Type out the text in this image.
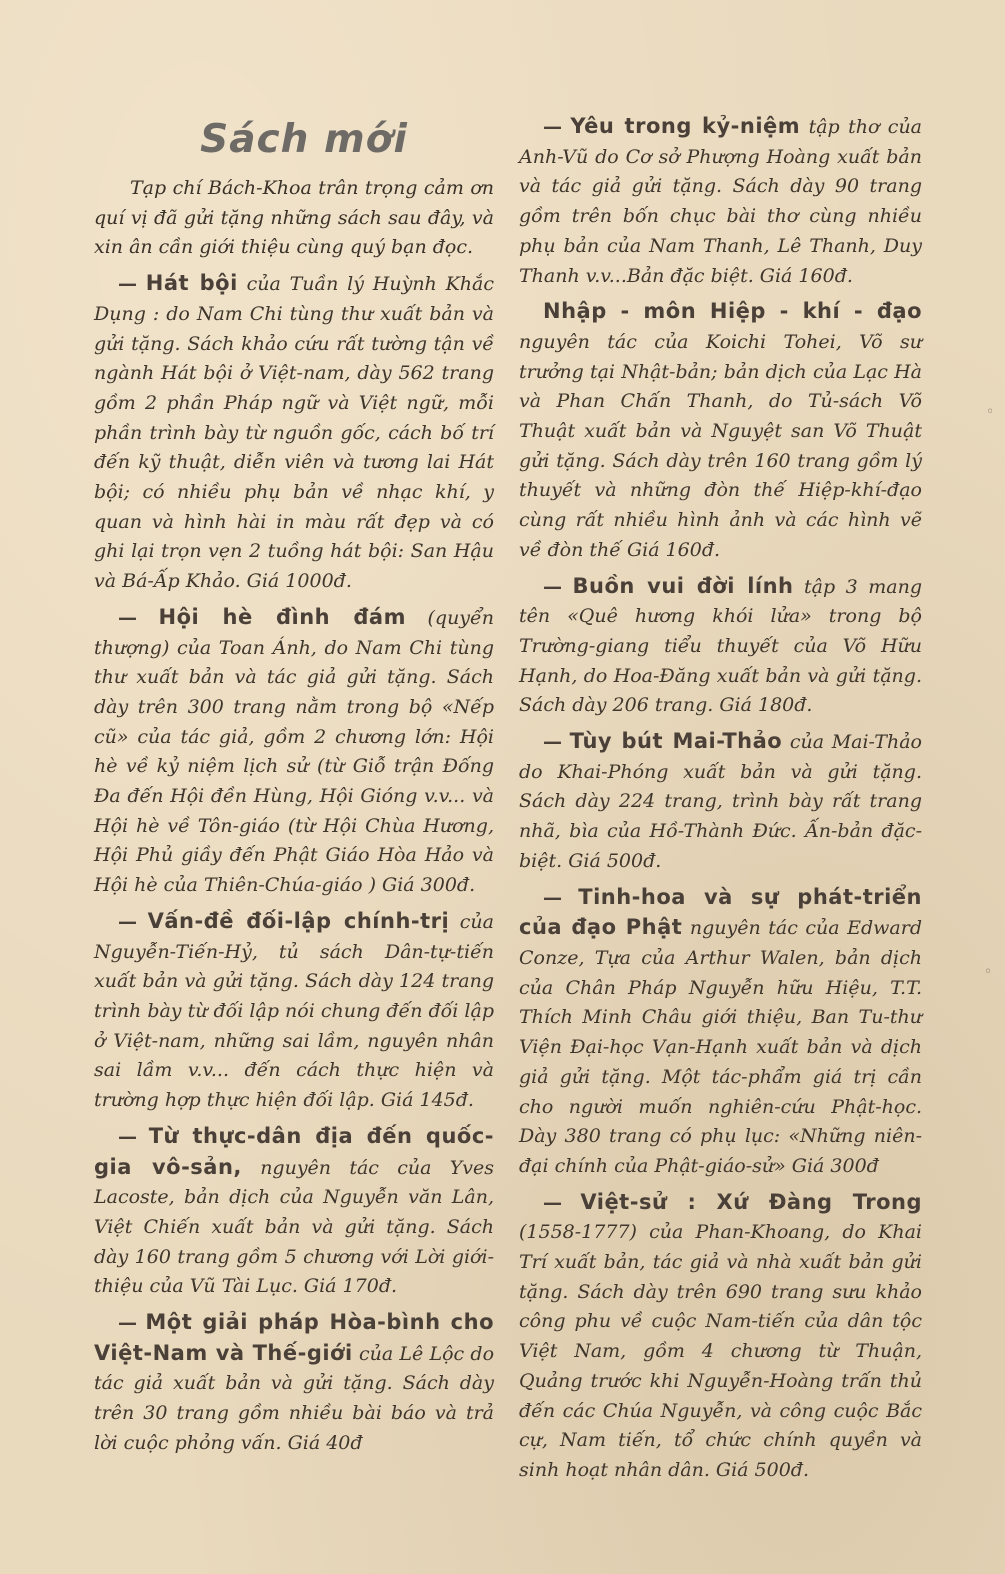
Sách mới
Tạp chí Bách-Khoa trân trọng cảm ơn quí vị đã gửi tặng những sách sau đây, và xin ân cần giới thiệu cùng quý bạn đọc.

— Hát bội của Tuần lý Huỳnh Khắc Dụng : do Nam Chi tùng thư xuất bản và gửi tặng. Sách khảo cứu rất tường tận về ngành Hát bội ở Việt-nam, dày 562 trang gồm 2 phần Pháp ngữ và Việt ngữ, mỗi phần trình bày từ nguồn gốc, cách bố trí đến kỹ thuật, diễn viên và tương lai Hát bội; có nhiều phụ bản về nhạc khí, y quan và hình hài in màu rất đẹp và có ghi lại trọn vẹn 2 tuồng hát bội: San Hậu và Bá-Ấp Khảo. Giá 1000đ.

— Hội hè đình đám (quyển thượng) của Toan Ánh, do Nam Chi tùng thư xuất bản và tác giả gửi tặng. Sách dày trên 300 trang nằm trong bộ «Nếp cũ» của tác giả, gồm 2 chương lớn: Hội hè về kỷ niệm lịch sử (từ Giỗ trận Đống Đa đến Hội đền Hùng, Hội Gióng v.v... và Hội hè về Tôn-giáo (từ Hội Chùa Hương, Hội Phủ giầy đến Phật Giáo Hòa Hảo và Hội hè của Thiên-Chúa-giáo ) Giá 300đ.

— Vấn-đề đối-lập chính-trị của Nguyễn-Tiến-Hỷ, tủ sách Dân-tự-tiến xuất bản và gửi tặng. Sách dày 124 trang trình bày từ đối lập nói chung đến đối lập ở Việt-nam, những sai lầm, nguyên nhân sai lầm v.v... đến cách thực hiện và trường hợp thực hiện đối lập. Giá 145đ.

— Từ thực-dân địa đến quốc-gia vô-sản, nguyên tác của Yves Lacoste, bản dịch của Nguyễn văn Lân, Việt Chiến xuất bản và gửi tặng. Sách dày 160 trang gồm 5 chương với Lời giới-thiệu của Vũ Tài Lục. Giá 170đ.

— Một giải pháp Hòa-bình cho Việt-Nam và Thế-giới của Lê Lộc do tác giả xuất bản và gửi tặng. Sách dày trên 30 trang gồm nhiều bài báo và trả lời cuộc phỏng vấn. Giá 40đ

— Yêu trong kỷ-niệm tập thơ của Anh-Vũ do Cơ sở Phượng Hoàng xuất bản và tác giả gửi tặng. Sách dày 90 trang gồm trên bốn chục bài thơ cùng nhiều phụ bản của Nam Thanh, Lê Thanh, Duy Thanh v.v...Bản đặc biệt. Giá 160đ.

Nhập - môn Hiệp - khí - đạo nguyên tác của Koichi Tohei, Võ sư trưởng tại Nhật-bản; bản dịch của Lạc Hà và Phan Chấn Thanh, do Tủ-sách Võ Thuật xuất bản và Nguyệt san Võ Thuật gửi tặng. Sách dày trên 160 trang gồm lý thuyết và những đòn thế Hiệp-khí-đạo cùng rất nhiều hình ảnh và các hình vẽ về đòn thế Giá 160đ.

— Buồn vui đời lính tập 3 mang tên «Quê hương khói lửa» trong bộ Trường-giang tiểu thuyết của Võ Hữu Hạnh, do Hoa-Đăng xuất bản và gửi tặng. Sách dày 206 trang. Giá 180đ.

— Tùy bút Mai-Thảo của Mai-Thảo do Khai-Phóng xuất bản và gửi tặng. Sách dày 224 trang, trình bày rất trang nhã, bìa của Hồ-Thành Đức. Ấn-bản đặc-biệt. Giá 500đ.

— Tinh-hoa và sự phát-triển của đạo Phật nguyên tác của Edward Conze, Tựa của Arthur Walen, bản dịch của Chân Pháp Nguyễn hữu Hiệu, T.T. Thích Minh Châu giới thiệu, Ban Tu-thư Viện Đại-học Vạn-Hạnh xuất bản và dịch giả gửi tặng. Một tác-phẩm giá trị cần cho người muốn nghiên-cứu Phật-học. Dày 380 trang có phụ lục: «Những niên-đại chính của Phật-giáo-sử» Giá 300đ

— Việt-sử : Xứ Đàng Trong (1558-1777) của Phan-Khoang, do Khai Trí xuất bản, tác giả và nhà xuất bản gửi tặng. Sách dày trên 690 trang sưu khảo công phu về cuộc Nam-tiến của dân tộc Việt Nam, gồm 4 chương từ Thuận, Quảng trước khi Nguyễn-Hoàng trấn thủ đến các Chúa Nguyễn, và công cuộc Bắc cự, Nam tiến, tổ chức chính quyền và sinh hoạt nhân dân. Giá 500đ.

◦
◦
